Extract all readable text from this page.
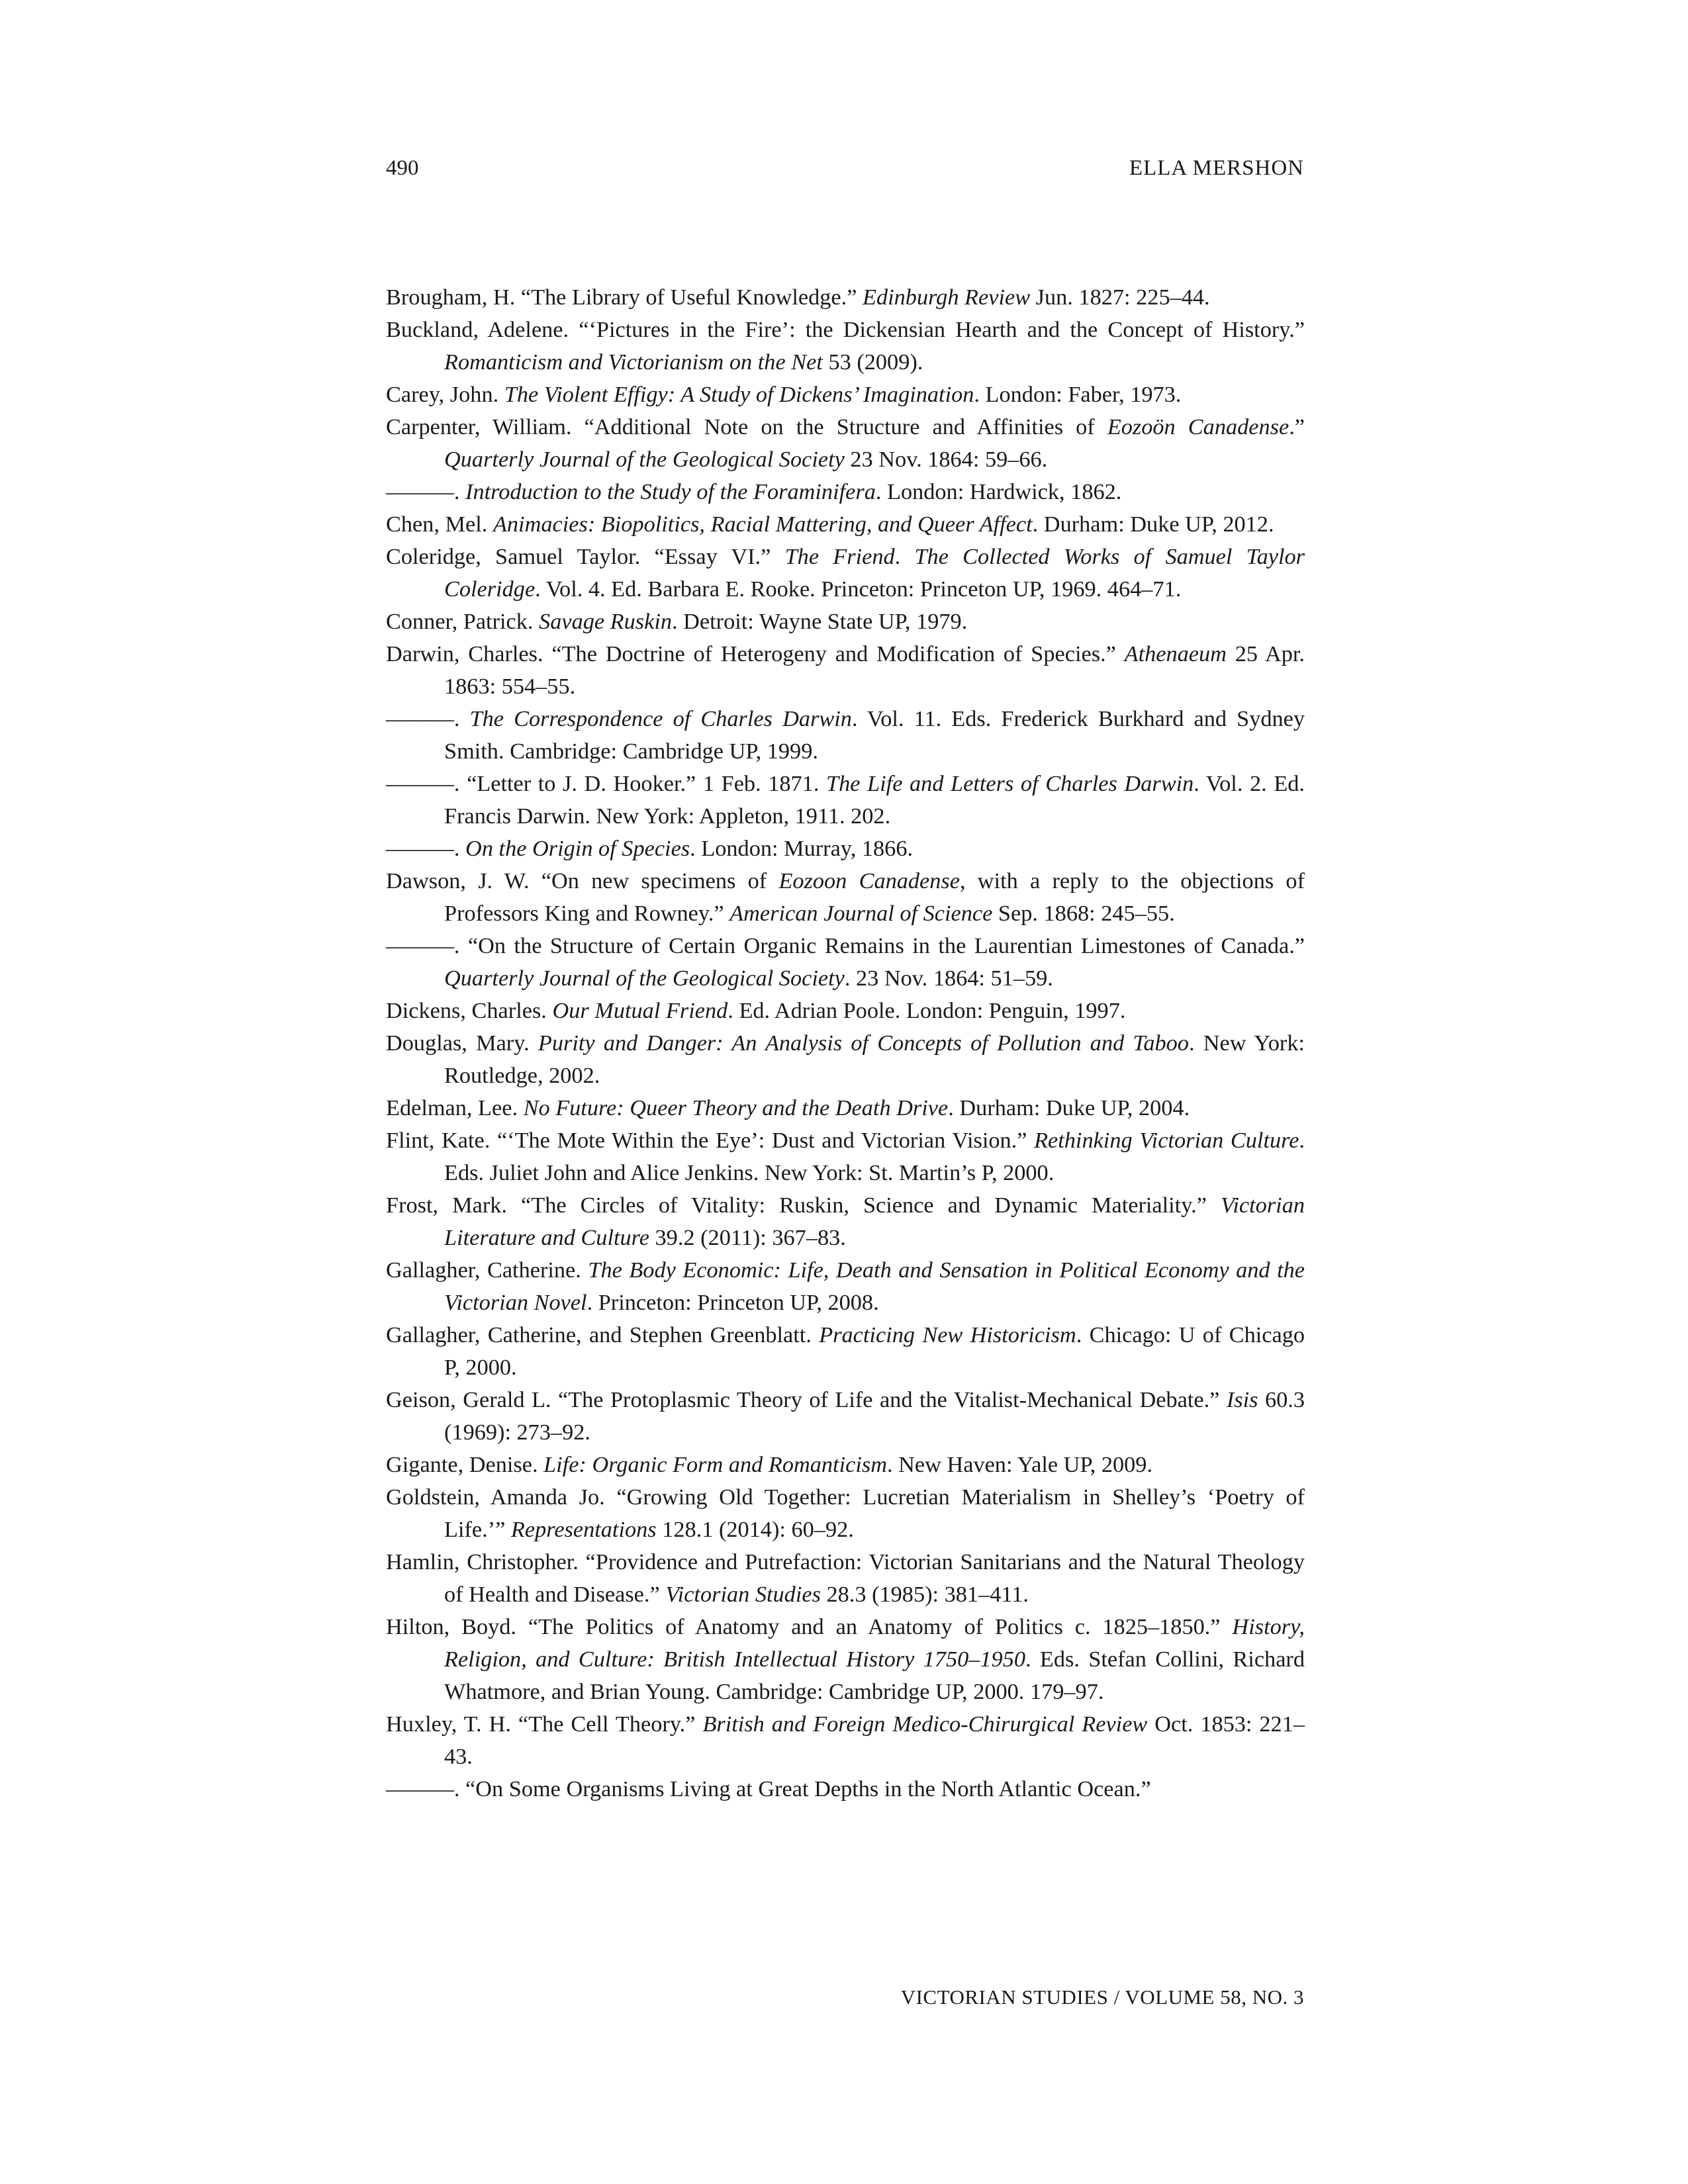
490	ELLA MERSHON

Brougham, H. “The Library of Useful Knowledge.” Edinburgh Review Jun. 1827: 225–44.

Buckland, Adelene. “‘Pictures in the Fire’: the Dickensian Hearth and the Concept of History.” Romanticism and Victorianism on the Net 53 (2009).

Carey, John. The Violent Effigy: A Study of Dickens’ Imagination. London: Faber, 1973.

Carpenter, William. “Additional Note on the Structure and Affinities of Eozoön Canadense.” Quarterly Journal of the Geological Society 23 Nov. 1864: 59–66.

———. Introduction to the Study of the Foraminifera. London: Hardwick, 1862.

Chen, Mel. Animacies: Biopolitics, Racial Mattering, and Queer Affect. Durham: Duke UP, 2012.

Coleridge, Samuel Taylor. “Essay VI.” The Friend. The Collected Works of Samuel Taylor Coleridge. Vol. 4. Ed. Barbara E. Rooke. Princeton: Princeton UP, 1969. 464–71.

Conner, Patrick. Savage Ruskin. Detroit: Wayne State UP, 1979.

Darwin, Charles. “The Doctrine of Heterogeny and Modification of Species.” Athenaeum 25 Apr. 1863: 554–55.

———. The Correspondence of Charles Darwin. Vol. 11. Eds. Frederick Burkhard and Sydney Smith. Cambridge: Cambridge UP, 1999.

———. “Letter to J. D. Hooker.” 1 Feb. 1871. The Life and Letters of Charles Darwin. Vol. 2. Ed. Francis Darwin. New York: Appleton, 1911. 202.

———. On the Origin of Species. London: Murray, 1866.

Dawson, J. W. “On new specimens of Eozoon Canadense, with a reply to the objections of Professors King and Rowney.” American Journal of Science Sep. 1868: 245–55.

———. “On the Structure of Certain Organic Remains in the Laurentian Limestones of Canada.” Quarterly Journal of the Geological Society. 23 Nov. 1864: 51–59.

Dickens, Charles. Our Mutual Friend. Ed. Adrian Poole. London: Penguin, 1997.

Douglas, Mary. Purity and Danger: An Analysis of Concepts of Pollution and Taboo. New York: Routledge, 2002.

Edelman, Lee. No Future: Queer Theory and the Death Drive. Durham: Duke UP, 2004.

Flint, Kate. “‘The Mote Within the Eye’: Dust and Victorian Vision.” Rethinking Victorian Culture. Eds. Juliet John and Alice Jenkins. New York: St. Martin’s P, 2000.

Frost, Mark. “The Circles of Vitality: Ruskin, Science and Dynamic Materiality.” Victorian Literature and Culture 39.2 (2011): 367–83.

Gallagher, Catherine. The Body Economic: Life, Death and Sensation in Political Economy and the Victorian Novel. Princeton: Princeton UP, 2008.

Gallagher, Catherine, and Stephen Greenblatt. Practicing New Historicism. Chicago: U of Chicago P, 2000.

Geison, Gerald L. “The Protoplasmic Theory of Life and the Vitalist-Mechanical Debate.” Isis 60.3 (1969): 273–92.

Gigante, Denise. Life: Organic Form and Romanticism. New Haven: Yale UP, 2009.

Goldstein, Amanda Jo. “Growing Old Together: Lucretian Materialism in Shelley’s ‘Poetry of Life.’” Representations 128.1 (2014): 60–92.

Hamlin, Christopher. “Providence and Putrefaction: Victorian Sanitarians and the Natural Theology of Health and Disease.” Victorian Studies 28.3 (1985): 381–411.

Hilton, Boyd. “The Politics of Anatomy and an Anatomy of Politics c. 1825–1850.” History, Religion, and Culture: British Intellectual History 1750–1950. Eds. Stefan Collini, Richard Whatmore, and Brian Young. Cambridge: Cambridge UP, 2000. 179–97.

Huxley, T. H. “The Cell Theory.” British and Foreign Medico-Chirurgical Review Oct. 1853: 221–43.

———. “On Some Organisms Living at Great Depths in the North Atlantic Ocean.”

VICTORIAN STUDIES / VOLUME 58, NO. 3
